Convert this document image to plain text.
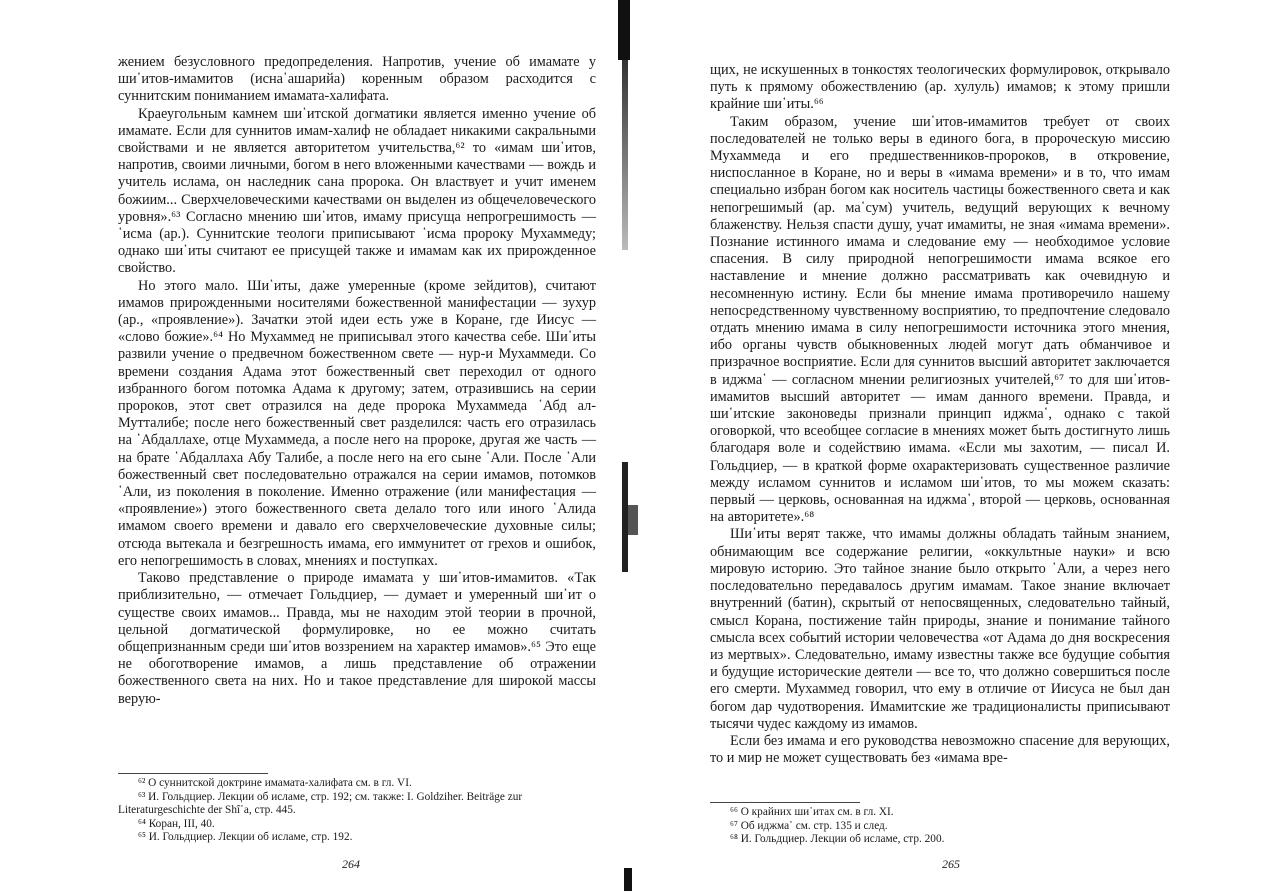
жением безусловного предопределения. Напротив, учение об имамате у ши῾итов-имамитов (исна῾ашарийа) коренным образом расходится с суннитским пониманием имамата-халифата.

Краеугольным камнем ши῾итской догматики является именно учение об имамате. Если для суннитов имам-халиф не обладает никакими сакральными свойствами и не является авторитетом учительства,⁶² то «имам ши῾итов, напротив, своими личными, богом в него вложенными качествами — вождь и учитель ислама, он наследник сана пророка. Он властвует и учит именем божиим... Сверхчеловеческими качествами он выделен из общечеловеческого уровня».⁶³ Согласно мнению ши῾итов, имаму присуща непрогрешимость — ῾исма (ар.). Суннитские теологи приписывают ῾исма пророку Мухаммеду; однако ши῾иты считают ее присущей также и имамам как их прирожденное свойство.

Но этого мало. Ши῾иты, даже умеренные (кроме зейдитов), считают имамов прирожденными носителями божественной манифестации — зухур (ар., «проявление»). Зачатки этой идеи есть уже в Коране, где Иисус — «слово божие».⁶⁴ Но Мухаммед не приписывал этого качества себе. Ши῾иты развили учение о предвечном божественном свете — нур-и Мухаммеди. Со времени создания Адама этот божественный свет переходил от одного избранного богом потомка Адама к другому; затем, отразившись на серии пророков, этот свет отразился на деде пророка Мухаммеда ῾Абд ал-Мутталибе; после него божественный свет разделился: часть его отразилась на ῾Абдаллахе, отце Мухаммеда, а после него на пророке, другая же часть — на брате ῾Абдаллаха Абу Талибе, а после него на его сыне ῾Али. После ῾Али божественный свет последовательно отражался на серии имамов, потомков ῾Али, из поколения в поколение. Именно отражение (или манифестация — «проявление») этого божественного света делало того или иного ῾Алида имамом своего времени и давало его сверхчеловеческие духовные силы; отсюда вытекала и безгрешность имама, его иммунитет от грехов и ошибок, его непогрешимость в словах, мнениях и поступках.

Таково представление о природе имамата у ши῾итов-имамитов. «Так приблизительно, — отмечает Гольдциер, — думает и умеренный ши῾ит о существе своих имамов... Правда, мы не находим этой теории в прочной, цельной догматической формулировке, но ее можно считать общепризнанным среди ши῾итов воззрением на характер имамов».⁶⁵ Это еще не обоготворение имамов, а лишь представление об отражении божественного света на них. Но и такое представление для широкой массы верую-

⁶² О суннитской доктрине имамата-халифата см. в гл. VI.
⁶³ И. Гольдциер. Лекции об исламе, стр. 192; см. также: I. Goldziher. Beiträge zur Literaturgeschichte der Shî῾a, стр. 445.
⁶⁴ Коран, III, 40.
⁶⁵ И. Гольдциер. Лекции об исламе, стр. 192.
264

щих, не искушенных в тонкостях теологических формулировок, открывало путь к прямому обожествлению (ар. хулуль) имамов; к этому пришли крайние ши῾иты.⁶⁶

Таким образом, учение ши῾итов-имамитов требует от своих последователей не только веры в единого бога, в пророческую миссию Мухаммеда и его предшественников-пророков, в откровение, ниспосланное в Коране, но и веры в «имама времени» и в то, что имам специально избран богом как носитель частицы божественного света и как непогрешимый (ар. ма῾сум) учитель, ведущий верующих к вечному блаженству. Нельзя спасти душу, учат имамиты, не зная «имама времени». Познание истинного имама и следование ему — необходимое условие спасения. В силу природной непогрешимости имама всякое его наставление и мнение должно рассматривать как очевидную и несомненную истину. Если бы мнение имама противоречило нашему непосредственному чувственному восприятию, то предпочтение следовало отдать мнению имама в силу непогрешимости источника этого мнения, ибо органы чувств обыкновенных людей могут дать обманчивое и призрачное восприятие. Если для суннитов высший авторитет заключается в иджма῾ — согласном мнении религиозных учителей,⁶⁷ то для ши῾итов-имамитов высший авторитет — имам данного времени. Правда, и ши῾итские законоведы признали принцип иджма῾, однако с такой оговоркой, что всеобщее согласие в мнениях может быть достигнуто лишь благодаря воле и содействию имама. «Если мы захотим, — писал И. Гольдциер, — в краткой форме охарактеризовать существенное различие между исламом суннитов и исламом ши῾итов, то мы можем сказать: первый — церковь, основанная на иджма῾, второй — церковь, основанная на авторитете».⁶⁸

Ши῾иты верят также, что имамы должны обладать тайным знанием, обнимающим все содержание религии, «оккультные науки» и всю мировую историю. Это тайное знание было открыто ῾Али, а через него последовательно передавалось другим имамам. Такое знание включает внутренний (батин), скрытый от непосвященных, следовательно тайный, смысл Корана, постижение тайн природы, знание и понимание тайного смысла всех событий истории человечества «от Адама до дня воскресения из мертвых». Следовательно, имаму известны также все будущие события и будущие исторические деятели — все то, что должно совершиться после его смерти. Мухаммед говорил, что ему в отличие от Иисуса не был дан богом дар чудотворения. Имамитские же традиционалисты приписывают тысячи чудес каждому из имамов.

Если без имама и его руководства невозможно спасение для верующих, то и мир не может существовать без «имама вре-

⁶⁶ О крайних ши῾итах см. в гл. XI.
⁶⁷ Об иджма῾ см. стр. 135 и след.
⁶⁸ И. Гольдциер. Лекции об исламе, стр. 200.
265
